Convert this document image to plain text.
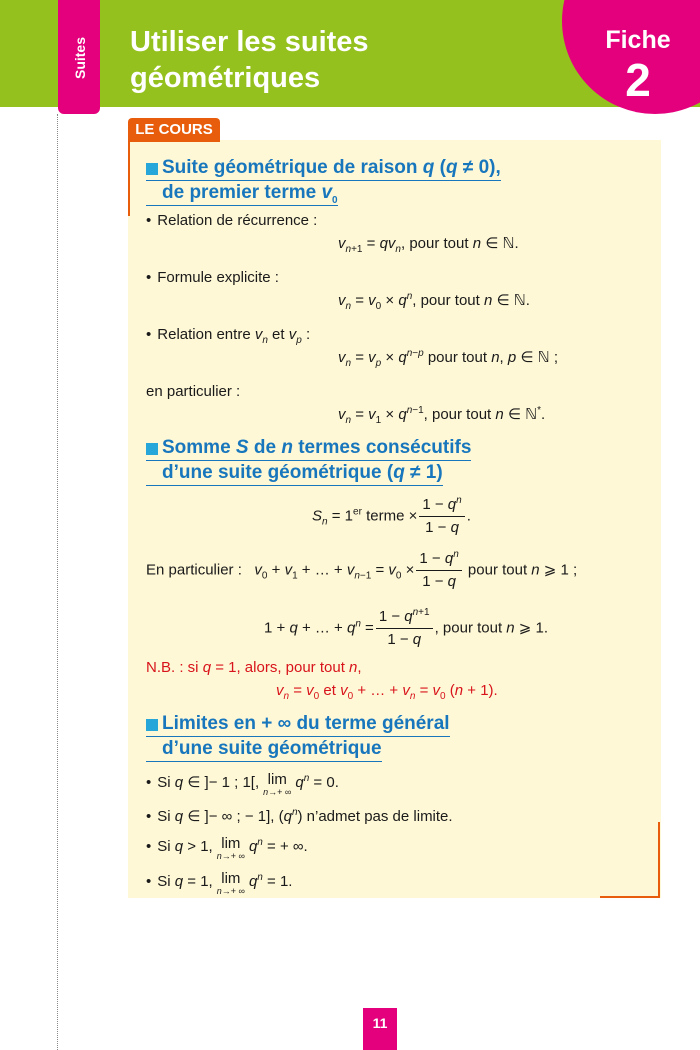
Suites Utiliser les suites
géométriques
Fiche
2
LE COURS
Suite géométrique de raison q (q ≠ 0),
de premier terme $v_0$
• Relation de récurrence :
$v_{n+1} = qv_n$, pour tout n ∈ ℕ.
• Formule explicite :
$v_n = v_0 \times q^n$, pour tout n ∈ ℕ.
• Relation entre $v_n$ et $v_p$ :
$v_n = v_p \times q^{n-p}$ pour tout n, p ∈ ℕ ;
en particulier :
$v_n = v_1 \times q^{n-1}$, pour tout n ∈ ℕ*.
Somme S de n termes consécutifs
d’une suite géométrique (q ≠ 1)
$S_n = 1er$ terme × $\frac{1 - q^n}{1 - q}$ .
En particulier : $v_0 + v_1$ + … + $v_{n-1} = v_0 \times \frac{1 - q^n}{1 - q}$ pour tout n ⩾ 1 ;
1 + q + … + $q^n = \frac{1 - q^{n+1}}{1 - q}$ , pour tout n ⩾ 1.
N.B. : si q = 1, alors, pour tout n,
$v_n = v_0$ et $v_0$ + … + $v_n = v_0$ (n + 1).
Limites en + ∞ du terme général
d’une suite géométrique
• Si q ∈ ]− 1 ; 1[, lim
n→+ ∞
$q^n = 0$.
• Si q ∈ ]− ∞ ; − 1], $(q^n)$ n’admet pas de limite.
• Si q > 1, lim
n→+ ∞
$q^n$ = + ∞.
• Si q = 1, lim
n→+ ∞
$q^n = 1$.
11
